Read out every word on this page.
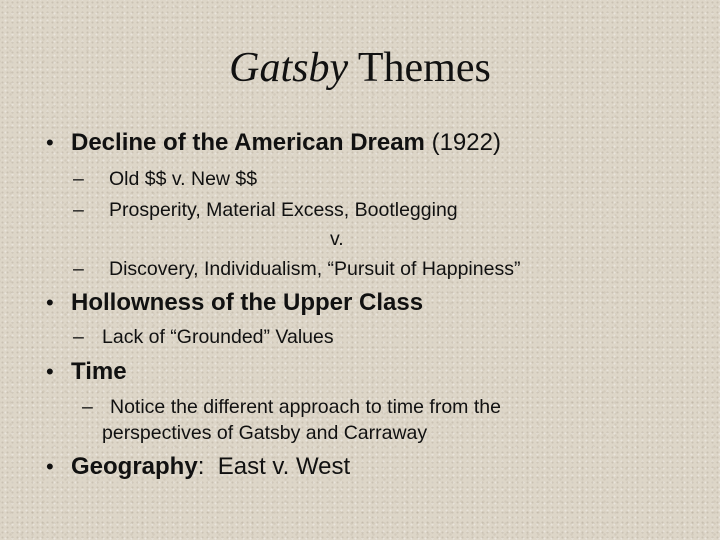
Gatsby Themes
• Decline of the American Dream (1922)
– Old $$ v. New $$
– Prosperity, Material Excess, Bootlegging
v.
– Discovery, Individualism, “Pursuit of Happiness”
• Hollowness of the Upper Class
– Lack of “Grounded” Values
• Time
– Notice the different approach to time from the
perspectives of Gatsby and Carraway
• Geography:  East v. West
